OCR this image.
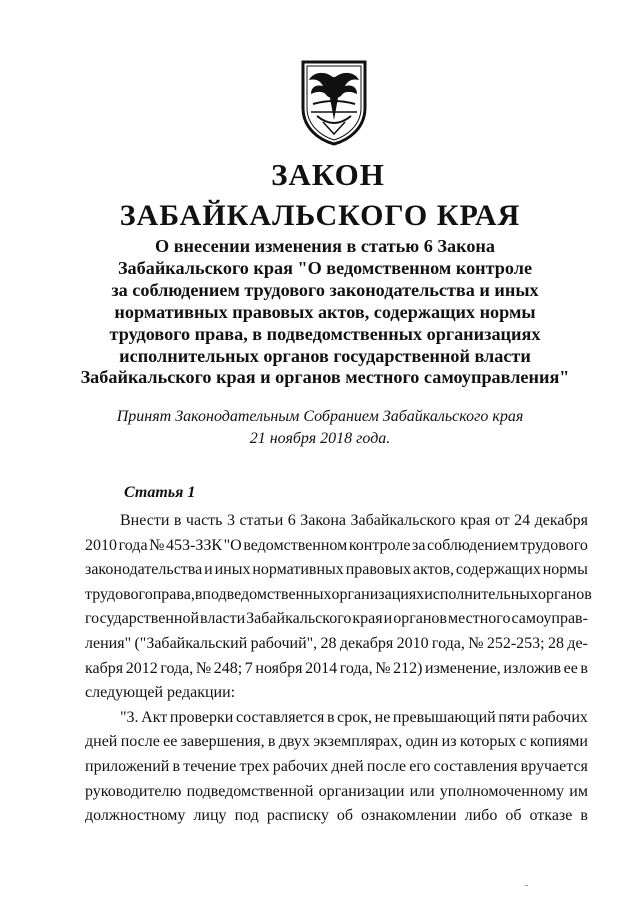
ЗАКОН
ЗАБАЙКАЛЬСКОГО КРАЯ
О внесении изменения в статью 6 Закона
Забайкальского края "О ведомственном контроле
за соблюдением трудового законодательства и иных
нормативных правовых актов, содержащих нормы
трудового права, в подведомственных организациях
исполнительных органов государственной власти
Забайкальского края и органов местного самоуправления"
Принят Законодательным Собранием Забайкальского края
21 ноября 2018 года.
Статья 1
Внести в часть 3 статьи 6 Закона Забайкальского края от 24 декабря
2010 года № 453-ЗЗК "О ведомственном контроле за соблюдением трудового
законодательства и иных нормативных правовых актов, содержащих нормы
трудового права, в подведомственных организациях исполнительных органов
государственной власти Забайкальского края и органов местного самоуправ-
ления" ("Забайкальский рабочий", 28 декабря 2010 года, № 252-253; 28 де-
кабря 2012 года, № 248; 7 ноября 2014 года, № 212) изменение, изложив ее в
следующей редакции:
"3. Акт проверки составляется в срок, не превышающий пяти рабочих
дней после ее завершения, в двух экземплярах, один из которых с копиями
приложений в течение трех рабочих дней после его составления вручается
руководителю подведомственной организации или уполномоченному им
должностному лицу под расписку об ознакомлении либо об отказе в
